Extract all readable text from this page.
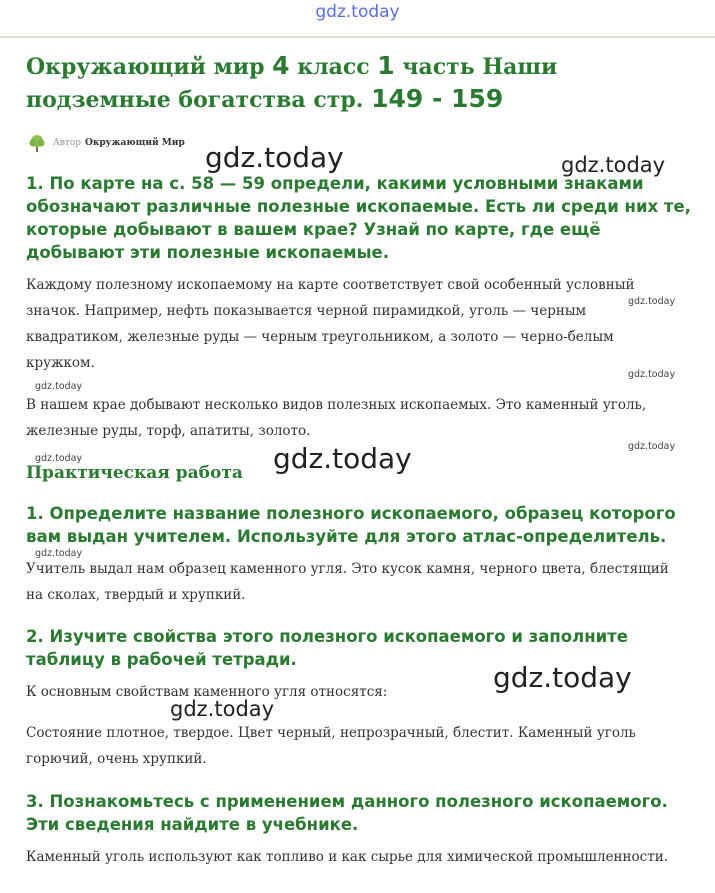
gdz.today
Окружающий мир 4 класс 1 часть Наши подземные богатства стр. 149 - 159
Автор Окружающий Мир
1. По карте на с. 58 — 59 определи, какими условными знаками обозначают различные полезные ископаемые. Есть ли среди них те, которые добывают в вашем крае? Узнай по карте, где ещё добывают эти полезные ископаемые.

Каждому полезному ископаемому на карте соответствует свой особенный условный значок. Например, нефть показывается черной пирамидкой, уголь — черным квадратиком, железные руды — черным треугольником, а золото — черно-белым кружком.

В нашем крае добывают несколько видов полезных ископаемых. Это каменный уголь, железные руды, торф, апатиты, золото.

Практическая работа
1. Определите название полезного ископаемого, образец которого вам выдан учителем. Используйте для этого атлас-определитель.

Учитель выдал нам образец каменного угля. Это кусок камня, черного цвета, блестящий на сколах, твердый и хрупкий.

2. Изучите свойства этого полезного ископаемого и заполните таблицу в рабочей тетради.

К основным свойствам каменного угля относятся:

Состояние плотное, твердое. Цвет черный, непрозрачный, блестит. Каменный уголь горючий, очень хрупкий.

3. Познакомьтесь с применением данного полезного ископаемого. Эти сведения найдите в учебнике.

Каменный уголь используют как топливо и как сырье для химической промышленности.

gdz.today	gdz.today
gdz.today
gdz.today
gdz.today
gdz.today
gdz.today	gdz.today
gdz.today
gdz.today
gdz.today
